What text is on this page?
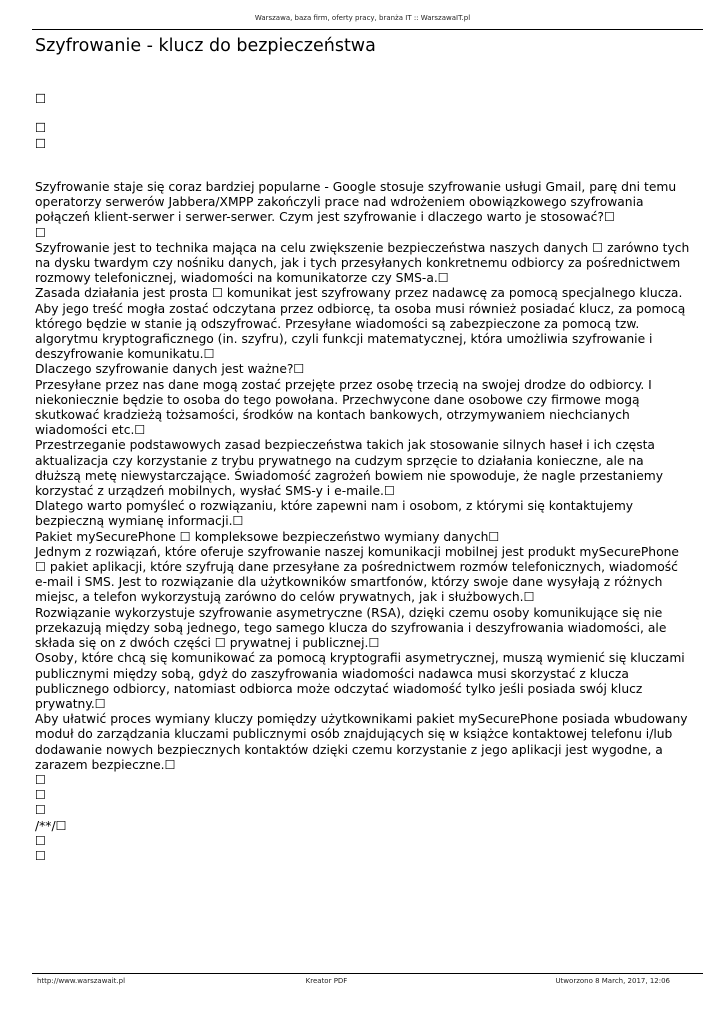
Warszawa, baza firm, oferty pracy, branża IT :: WarszawaIT.pl
Szyfrowanie - klucz do bezpieczeństwa
☐
☐
☐

Szyfrowanie staje się coraz bardziej popularne - Google stosuje szyfrowanie usługi Gmail, parę dni temu
operatorzy serwerów Jabbera/XMPP zakończyli prace nad wdrożeniem obowiązkowego szyfrowania
połączeń klient-serwer i serwer-serwer. Czym jest szyfrowanie i dlaczego warto je stosować?☐
☐

Szyfrowanie jest to technika mająca na celu zwiększenie bezpieczeństwa naszych danych ☐ zarówno tych
na dysku twardym czy nośniku danych, jak i tych przesyłanych konkretnemu odbiorcy za pośrednictwem
rozmowy telefonicznej, wiadomości na komunikatorze czy SMS-a.☐

Zasada działania jest prosta ☐ komunikat jest szyfrowany przez nadawcę za pomocą specjalnego klucza.
Aby jego treść mogła zostać odczytana przez odbiorcę, ta osoba musi również posiadać klucz, za pomocą
którego będzie w stanie ją odszyfrować. Przesyłane wiadomości są zabezpieczone za pomocą tzw.
algorytmu kryptograficznego (in. szyfru), czyli funkcji matematycznej, która umożliwia szyfrowanie i
deszyfrowanie komunikatu.☐

Dlaczego szyfrowanie danych jest ważne?☐

Przesyłane przez nas dane mogą zostać przejęte przez osobę trzecią na swojej drodze do odbiorcy. I
niekoniecznie będzie to osoba do tego powołana. Przechwycone dane osobowe czy firmowe mogą
skutkować kradzieżą tożsamości, środków na kontach bankowych, otrzymywaniem niechcianych
wiadomości etc.☐

Przestrzeganie podstawowych zasad bezpieczeństwa takich jak stosowanie silnych haseł i ich częsta
aktualizacja czy korzystanie z trybu prywatnego na cudzym sprzęcie to działania konieczne, ale na
dłuższą metę niewystarczające. Świadomość zagrożeń bowiem nie spowoduje, że nagle przestaniemy
korzystać z urządzeń mobilnych, wysłać SMS-y i e-maile.☐

Dlatego warto pomyśleć o rozwiązaniu, które zapewni nam i osobom, z którymi się kontaktujemy
bezpieczną wymianę informacji.☐

Pakiet mySecurePhone ☐ kompleksowe bezpieczeństwo wymiany danych☐

Jednym z rozwiązań, które oferuje szyfrowanie naszej komunikacji mobilnej jest produkt mySecurePhone
☐ pakiet aplikacji, które szyfrują dane przesyłane za pośrednictwem rozmów telefonicznych, wiadomość
e-mail i SMS. Jest to rozwiązanie dla użytkowników smartfonów, którzy swoje dane wysyłają z różnych
miejsc, a telefon wykorzystują zarówno do celów prywatnych, jak i służbowych.☐

Rozwiązanie wykorzystuje szyfrowanie asymetryczne (RSA), dzięki czemu osoby komunikujące się nie
przekazują między sobą jednego, tego samego klucza do szyfrowania i deszyfrowania wiadomości, ale
składa się on z dwóch części ☐ prywatnej i publicznej.☐

Osoby, które chcą się komunikować za pomocą kryptografii asymetrycznej, muszą wymienić się kluczami
publicznymi między sobą, gdyż do zaszyfrowania wiadomości nadawca musi skorzystać z klucza
publicznego odbiorcy, natomiast odbiorca może odczytać wiadomość tylko jeśli posiada swój klucz
prywatny.☐

Aby ułatwić proces wymiany kluczy pomiędzy użytkownikami pakiet mySecurePhone posiada wbudowany
moduł do zarządzania kluczami publicznymi osób znajdujących się w książce kontaktowej telefonu i/lub
dodawanie nowych bezpiecznych kontaktów dzięki czemu korzystanie z jego aplikacji jest wygodne, a
zarazem bezpieczne.☐

☐
☐
☐
/**/☐
☐
☐

http://www.warszawait.pl	Kreator PDF	Utworzono 8 March, 2017, 12:06
